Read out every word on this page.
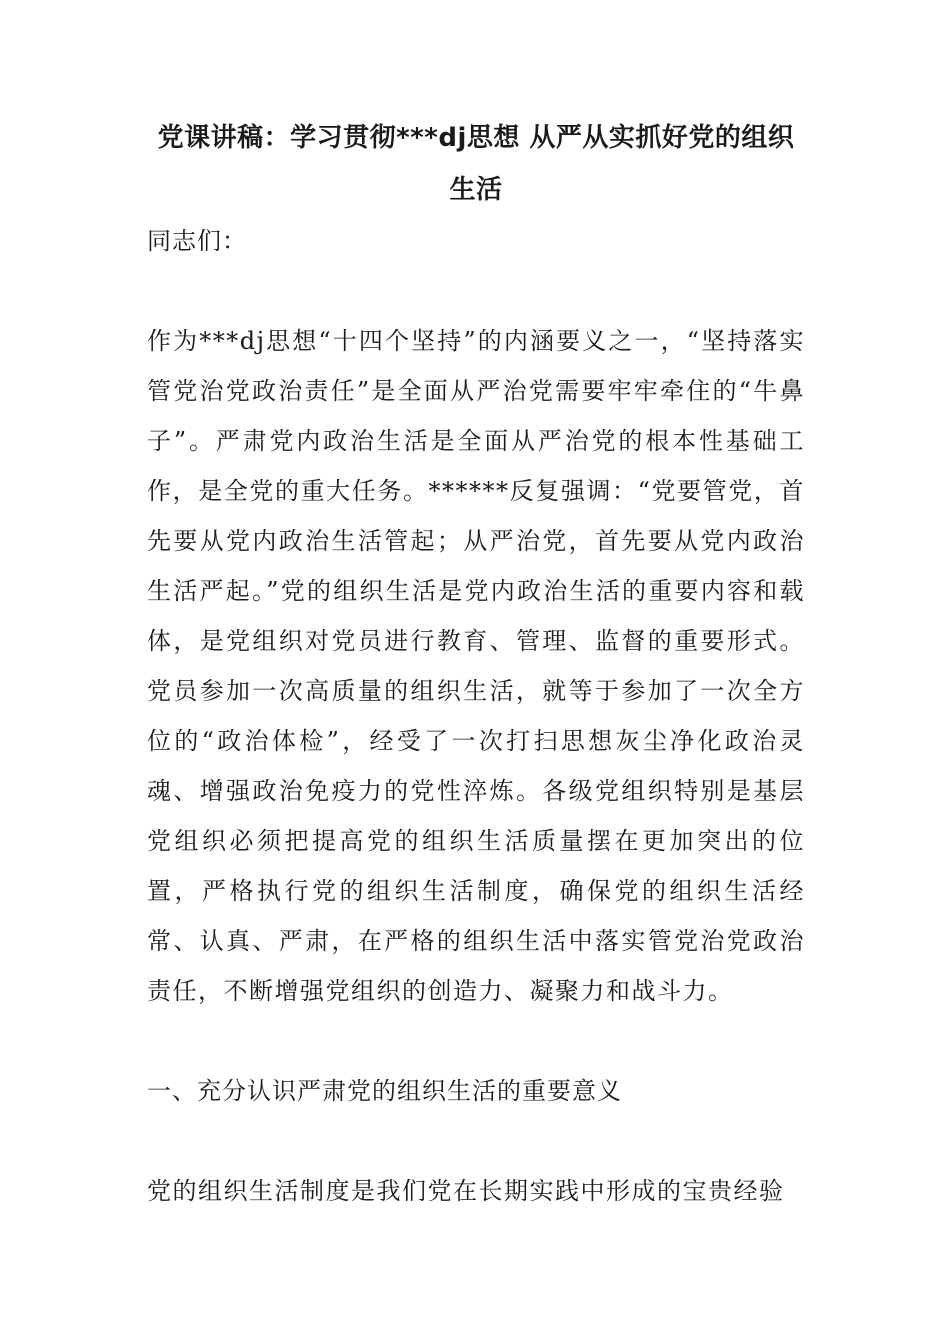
党课讲稿：学习贯彻***dj思想 从严从实抓好党的组织生活

同志们：

作为***dj思想“十四个坚持”的内涵要义之一，“坚持落实管党治党政治责任”是全面从严治党需要牢牢牵住的“牛鼻子”。严肃党内政治生活是全面从严治党的根本性基础工作，是全党的重大任务。******反复强调：“党要管党，首先要从党内政治生活管起；从严治党，首先要从党内政治生活严起。”党的组织生活是党内政治生活的重要内容和载体，是党组织对党员进行教育、管理、监督的重要形式。党员参加一次高质量的组织生活，就等于参加了一次全方位的“政治体检”，经受了一次打扫思想灰尘净化政治灵魂、增强政治免疫力的党性淬炼。各级党组织特别是基层党组织必须把提高党的组织生活质量摆在更加突出的位置，严格执行党的组织生活制度，确保党的组织生活经常、认真、严肃，在严格的组织生活中落实管党治党政治责任，不断增强党组织的创造力、凝聚力和战斗力。

一、充分认识严肃党的组织生活的重要意义

党的组织生活制度是我们党在长期实践中形成的宝贵经验
